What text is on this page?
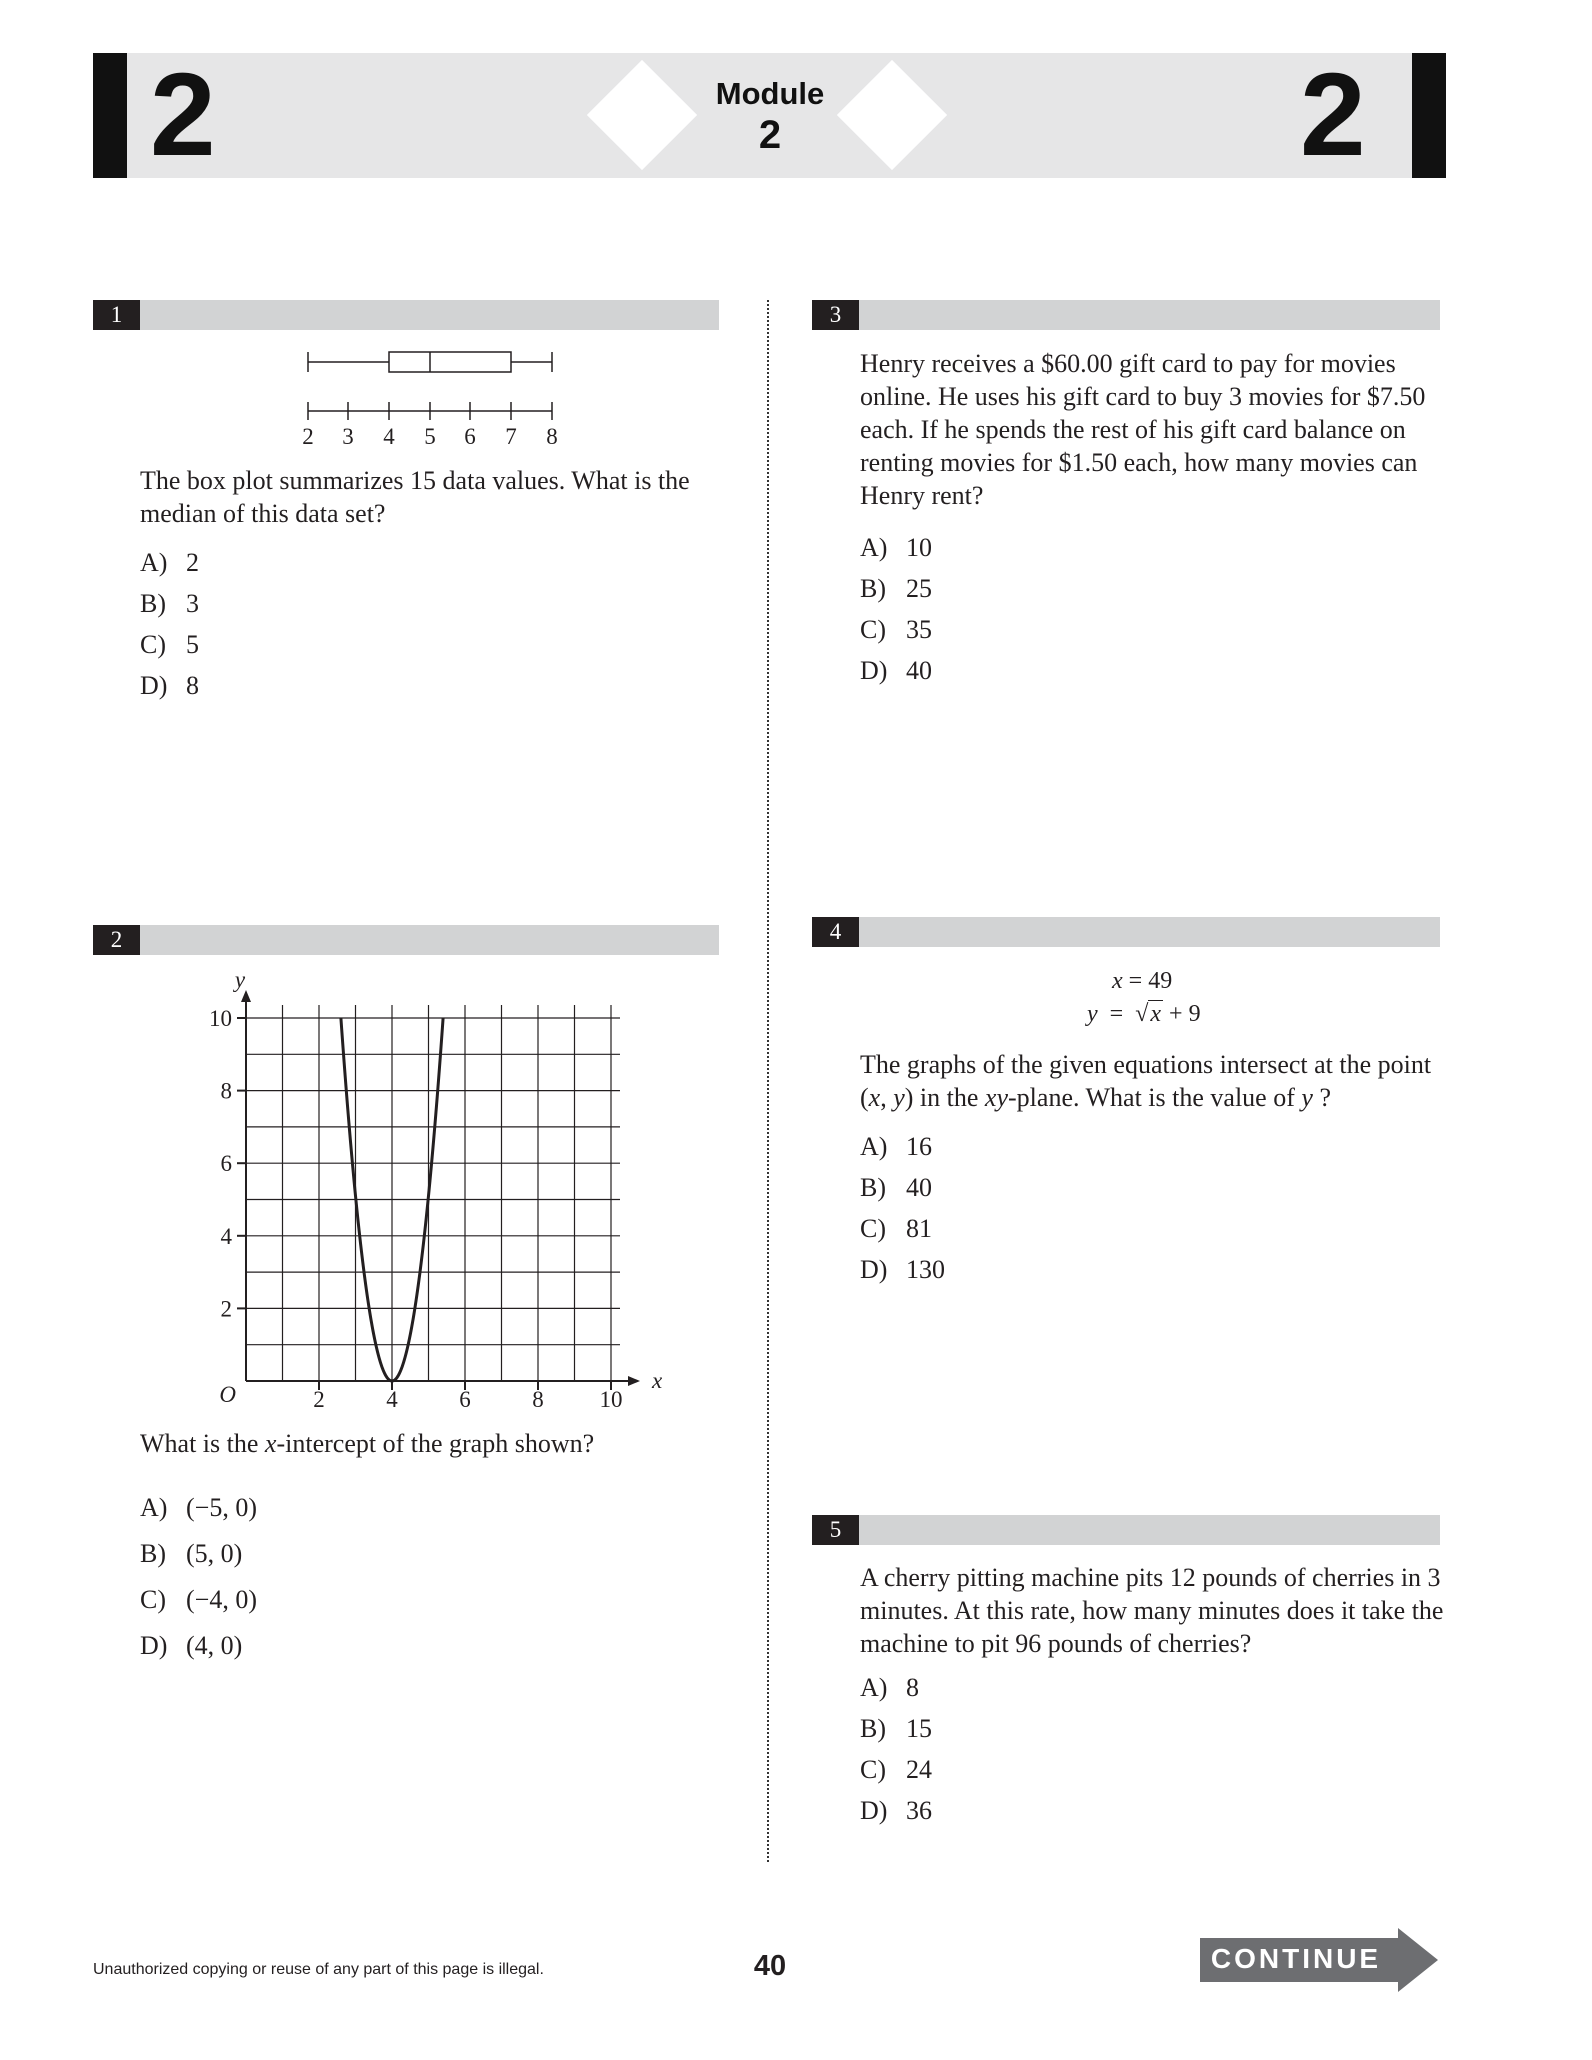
2	2
Module
2
1
2 3 4 5 6 7 8
The box plot summarizes 15 data values. What is the median of this data set?
A) 2
B) 3
C) 5
D) 8
2
y
x
O
10
8
6
4
2
2	4	6	8 10
What is the x-intercept of the graph shown?
A) (−5, 0)
B) (5, 0)
C) (−4, 0)
D) (4, 0)
3
Henry receives a $60.00 gift card to pay for movies online. He uses his gift card to buy 3 movies for $7.50 each. If he spends the rest of his gift card balance on renting movies for $1.50 each, how many movies can Henry rent?
A) 10
B) 25
C) 35
D) 40
4
x = 49
y = √x + 9
The graphs of the given equations intersect at the point (x, y) in the xy-plane. What is the value of y ?
A) 16
B) 40
C) 81
D) 130
5
A cherry pitting machine pits 12 pounds of cherries in 3 minutes. At this rate, how many minutes does it take the machine to pit 96 pounds of cherries?
A) 8
B) 15
C) 24
D) 36
Unauthorized copying or reuse of any part of this page is illegal.	40	CONTINUE
